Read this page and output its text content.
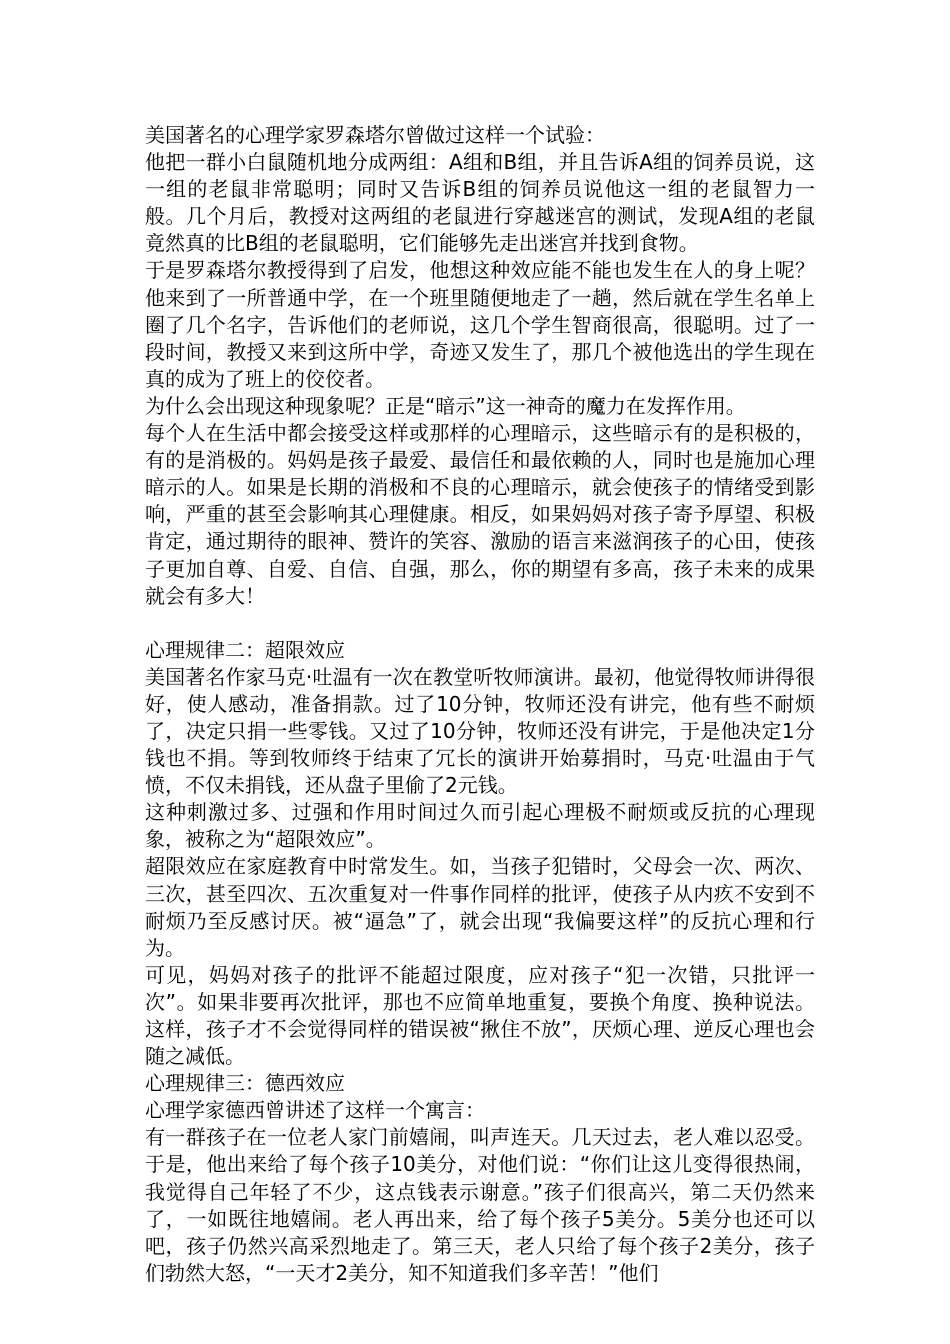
美国著名的心理学家罗森塔尔曾做过这样一个试验：

他把一群小白鼠随机地分成两组：A组和B组，并且告诉A组的饲养员说，这一组的老鼠非常聪明；同时又告诉B组的饲养员说他这一组的老鼠智力一般。几个月后，教授对这两组的老鼠进行穿越迷宫的测试，发现A组的老鼠竟然真的比B组的老鼠聪明，它们能够先走出迷宫并找到食物。

于是罗森塔尔教授得到了启发，他想这种效应能不能也发生在人的身上呢？他来到了一所普通中学，在一个班里随便地走了一趟，然后就在学生名单上圈了几个名字，告诉他们的老师说，这几个学生智商很高，很聪明。过了一段时间，教授又来到这所中学，奇迹又发生了，那几个被他选出的学生现在真的成为了班上的佼佼者。

为什么会出现这种现象呢？正是“暗示”这一神奇的魔力在发挥作用。

每个人在生活中都会接受这样或那样的心理暗示，这些暗示有的是积极的，有的是消极的。妈妈是孩子最爱、最信任和最依赖的人，同时也是施加心理暗示的人。如果是长期的消极和不良的心理暗示，就会使孩子的情绪受到影响，严重的甚至会影响其心理健康。相反，如果妈妈对孩子寄予厚望、积极肯定，通过期待的眼神、赞许的笑容、激励的语言来滋润孩子的心田，使孩子更加自尊、自爱、自信、自强，那么，你的期望有多高，孩子未来的成果就会有多大！

心理规律二：超限效应

美国著名作家马克·吐温有一次在教堂听牧师演讲。最初，他觉得牧师讲得很好，使人感动，准备捐款。过了10分钟，牧师还没有讲完，他有些不耐烦了，决定只捐一些零钱。又过了10分钟，牧师还没有讲完，于是他决定1分钱也不捐。等到牧师终于结束了冗长的演讲开始募捐时，马克·吐温由于气愤，不仅未捐钱，还从盘子里偷了2元钱。

这种刺激过多、过强和作用时间过久而引起心理极不耐烦或反抗的心理现象，被称之为“超限效应”。

超限效应在家庭教育中时常发生。如，当孩子犯错时，父母会一次、两次、三次，甚至四次、五次重复对一件事作同样的批评，使孩子从内疚不安到不耐烦乃至反感讨厌。被“逼急”了，就会出现“我偏要这样”的反抗心理和行为。

可见，妈妈对孩子的批评不能超过限度，应对孩子“犯一次错，只批评一次”。如果非要再次批评，那也不应简单地重复，要换个角度、换种说法。这样，孩子才不会觉得同样的错误被“揪住不放”，厌烦心理、逆反心理也会随之减低。

心理规律三：德西效应

心理学家德西曾讲述了这样一个寓言：

有一群孩子在一位老人家门前嬉闹，叫声连天。几天过去，老人难以忍受。于是，他出来给了每个孩子10美分，对他们说：“你们让这儿变得很热闹，我觉得自己年轻了不少，这点钱表示谢意。”孩子们很高兴，第二天仍然来了，一如既往地嬉闹。老人再出来，给了每个孩子5美分。5美分也还可以吧，孩子仍然兴高采烈地走了。第三天，老人只给了每个孩子2美分，孩子们勃然大怒，“一天才2美分，知不知道我们多辛苦！”他们
